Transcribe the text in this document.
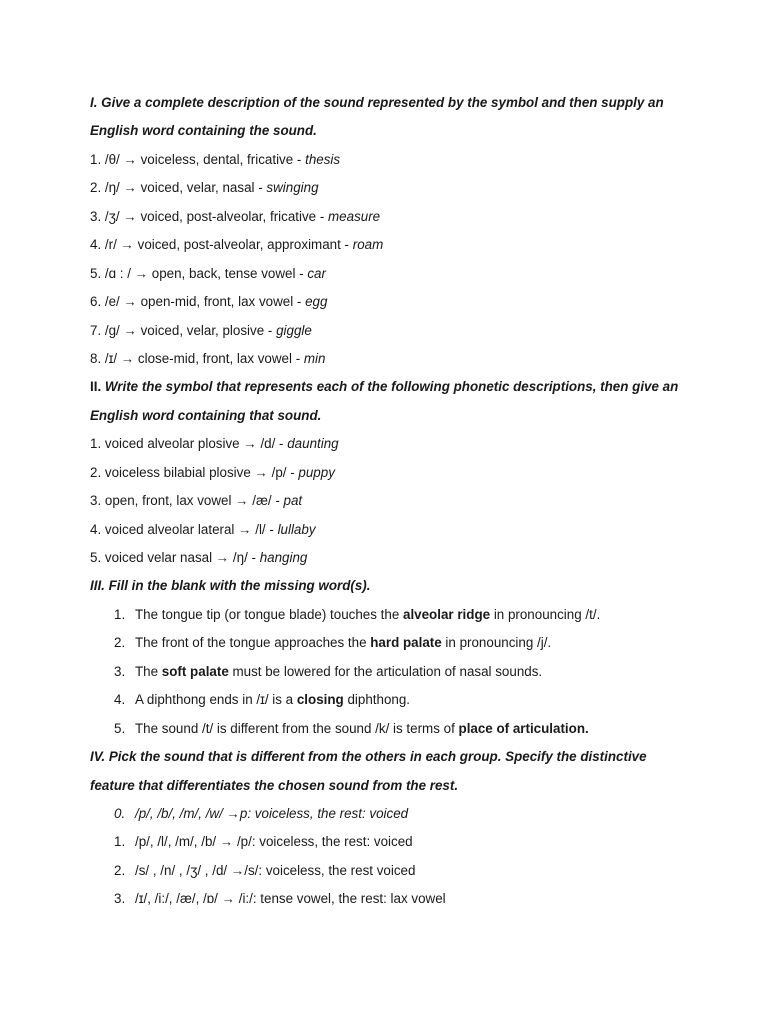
I. Give a complete description of the sound represented by the symbol and then supply an
English word containing the sound.
1. /θ/ → voiceless, dental, fricative - thesis
2. /ŋ/ → voiced, velar, nasal - swinging
3. /ʒ/ → voiced, post-alveolar, fricative - measure
4. /r/ → voiced, post-alveolar, approximant - roam
5. /ɑ : / → open, back, tense vowel - car
6. /e/ → open-mid, front, lax vowel - egg
7. /g/ → voiced, velar, plosive - giggle
8. /ɪ/ → close-mid, front, lax vowel - min
II. Write the symbol that represents each of the following phonetic descriptions, then give an
English word containing that sound.
1. voiced alveolar plosive → /d/ - daunting
2. voiceless bilabial plosive → /p/ - puppy
3. open, front, lax vowel → /æ/ - pat
4. voiced alveolar lateral → /l/ - lullaby
5. voiced velar nasal → /ŋ/ - hanging
III. Fill in the blank with the missing word(s).
1. The tongue tip (or tongue blade) touches the alveolar ridge in pronouncing /t/.
2. The front of the tongue approaches the hard palate in pronouncing /j/.
3. The soft palate must be lowered for the articulation of nasal sounds.
4. A diphthong ends in /ɪ/ is a closing diphthong.
5. The sound /t/ is different from the sound /k/ is terms of place of articulation.
IV. Pick the sound that is different from the others in each group. Specify the distinctive
feature that differentiates the chosen sound from the rest.
0. /p/, /b/, /m/, /w/ →p: voiceless, the rest: voiced
1. /p/, /l/, /m/, /b/ → /p/: voiceless, the rest: voiced
2. /s/ , /n/ , /ʒ/ , /d/ →/s/: voiceless, the rest voiced
3. /ɪ/, /i:/, /æ/, /ɒ/ → /i:/: tense vowel, the rest: lax vowel
